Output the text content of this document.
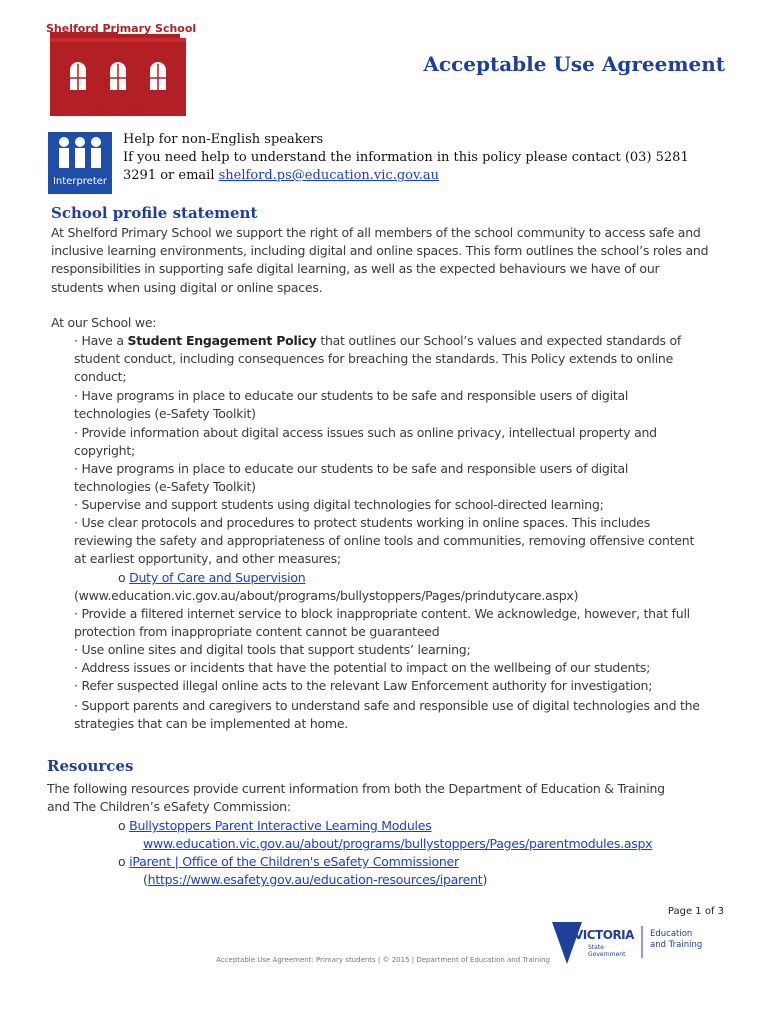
Shelford Primary School
Est. 1866
Acceptable Use Agreement
Interpreter
Help for non-English speakers
If you need help to understand the information in this policy please contact (03) 5281 3291 or email shelford.ps@education.vic.gov.au
School profile statement
At Shelford Primary School we support the right of all members of the school community to access safe and inclusive learning environments, including digital and online spaces. This form outlines the school’s roles and responsibilities in supporting safe digital learning, as well as the expected behaviours we have of our students when using digital or online spaces.
At our School we:
· Have a Student Engagement Policy that outlines our School’s values and expected standards of student conduct, including consequences for breaching the standards. This Policy extends to online conduct;
· Have programs in place to educate our students to be safe and responsible users of digital technologies (e-Safety Toolkit)
· Provide information about digital access issues such as online privacy, intellectual property and copyright;
· Have programs in place to educate our students to be safe and responsible users of digital technologies (e-Safety Toolkit)
· Supervise and support students using digital technologies for school-directed learning;
· Use clear protocols and procedures to protect students working in online spaces. This includes reviewing the safety and appropriateness of online tools and communities, removing offensive content at earliest opportunity, and other measures;
o Duty of Care and Supervision
(www.education.vic.gov.au/about/programs/bullystoppers/Pages/prindutycare.aspx)
· Provide a filtered internet service to block inappropriate content. We acknowledge, however, that full protection from inappropriate content cannot be guaranteed
· Use online sites and digital tools that support students’ learning;
· Address issues or incidents that have the potential to impact on the wellbeing of our students;
· Refer suspected illegal online acts to the relevant Law Enforcement authority for investigation;
· Support parents and caregivers to understand safe and responsible use of digital technologies and the strategies that can be implemented at home.
Resources
The following resources provide current information from both the Department of Education & Training and The Children’s eSafety Commission:
o Bullystoppers Parent Interactive Learning Modules
www.education.vic.gov.au/about/programs/bullystoppers/Pages/parentmodules.aspx
o iParent | Office of the Children's eSafety Commissioner
(https://www.esafety.gov.au/education-resources/iparent)
Page 1 of 3
Acceptable Use Agreement: Primary students | © 2015 | Department of Education and Training
VICTORIA
State Government
Education
and Training
